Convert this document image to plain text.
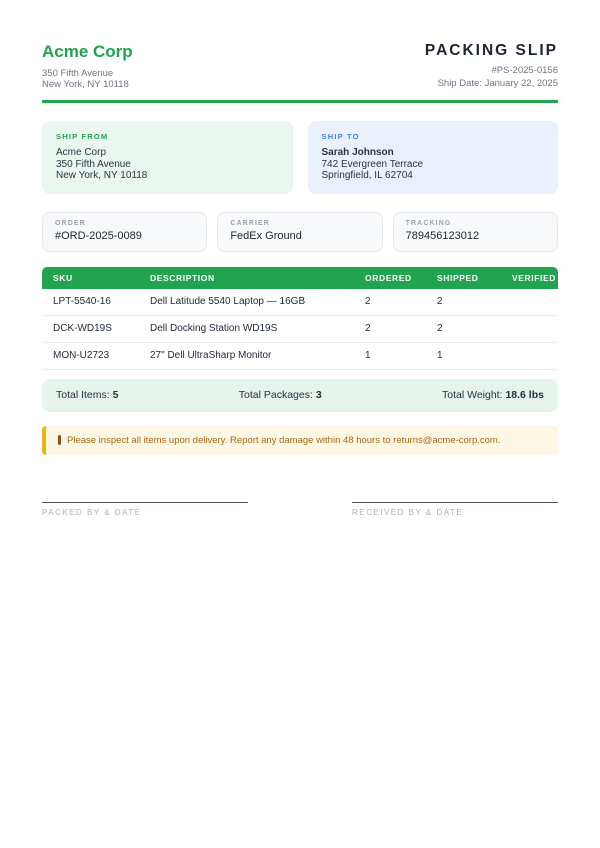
Acme Corp
350 Fifth Avenue
New York, NY 10118
PACKING SLIP
#PS-2025-0156
Ship Date: January 22, 2025
SHIP FROM
Acme Corp
350 Fifth Avenue
New York, NY 10118
SHIP TO
Sarah Johnson
742 Evergreen Terrace
Springfield, IL 62704
ORDER
#ORD-2025-0089
CARRIER
FedEx Ground
TRACKING
789456123012
SKU	DESCRIPTION	ORDERED	SHIPPED	VERIFIED
LPT-5540-16	Dell Latitude 5540 Laptop — 16GB	2	2
DCK-WD19S	Dell Docking Station WD19S	2	2
MON-U2723	27" Dell UltraSharp Monitor	1	1
Total Items: 5	Total Packages: 3	Total Weight: 18.6 lbs
Please inspect all items upon delivery. Report any damage within 48 hours to returns@acme-corp.com.
PACKED BY & DATE	RECEIVED BY & DATE
